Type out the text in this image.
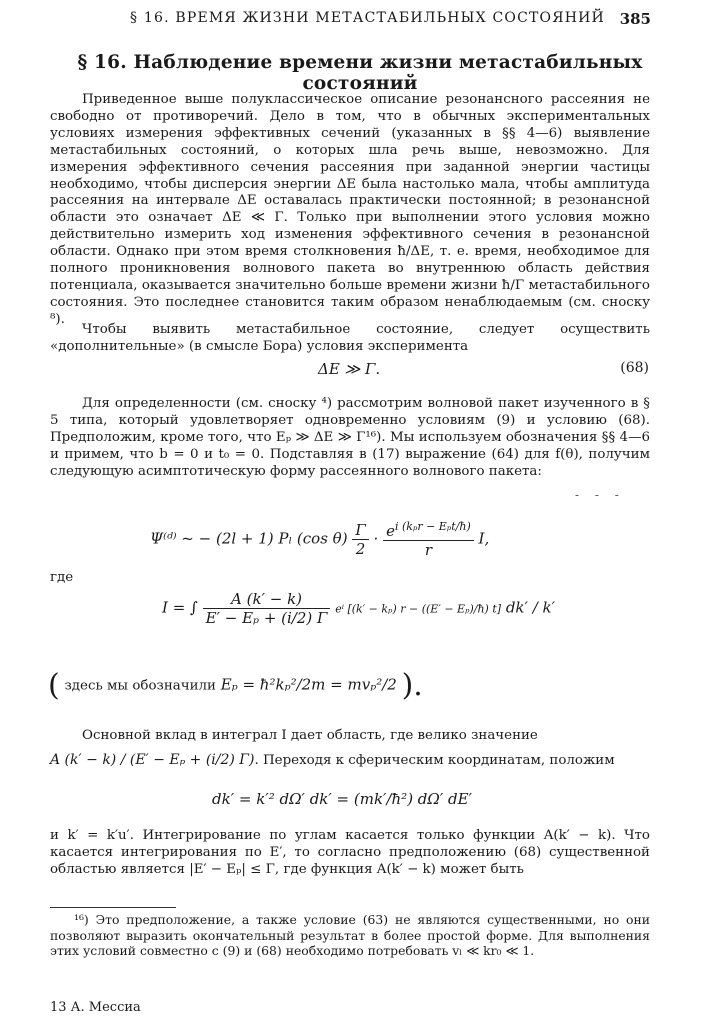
§ 16. ВРЕМЯ ЖИЗНИ МЕТАСТАБИЛЬНЫХ СОСТОЯНИЙ 385
§ 16. Наблюдение времени жизни метастабильных состояний

Приведенное выше полуклассическое описание резонансного рассеяния не свободно от противоречий. Дело в том, что в обычных экспериментальных условиях измерения эффективных сечений (указанных в §§ 4—6) выявление метастабильных состояний, о которых шла речь выше, невозможно. Для измерения эффективного сечения рассеяния при заданной энергии частицы необходимо, чтобы дисперсия энергии ΔE была настолько мала, чтобы амплитуда рассеяния на интервале ΔE оставалась практически постоянной; в резонансной области это означает ΔE ≪ Γ. Только при выполнении этого условия можно действительно измерить ход изменения эффективного сечения в резонансной области. Однако при этом время столкновения ħ/ΔE, т. е. время, необходимое для полного проникновения волнового пакета во внутреннюю область действия потенциала, оказывается значительно больше времени жизни ħ/Γ метастабильного состояния. Это последнее становится таким образом ненаблюдаемым (см. сноску ⁸).

Чтобы выявить метастабильное состояние, следует осуществить «дополнительные» (в смысле Бора) условия эксперимента

ΔE ≫ Γ.	(68)

Для определенности (см. сноску ⁴) рассмотрим волновой пакет изученного в § 5 типа, который удовлетворяет одновременно условиям (9) и условию (68). Предположим, кроме того, что Eₚ ≫ ΔE ≫ Γ¹⁶). Мы используем обозначения §§ 4—6 и примем, что b = 0 и t₀ = 0. Подставляя в (17) выражение (64) для f(θ), получим следующую асимптотическую форму рассеянного волнового пакета:

- - -
Ψ⁽ᵈ⁾ ~ − (2l + 1) Pₗ (cos $\theta) \frac{\Gamma}{2} \cdot \frac{e^{i (k_pr - E_pt/ħ)}}{r} I$,
где
I = ∫ $\frac{A (k' - k)}{\text{E′ − Eₚ + (i/2) Γ}}$ eⁱ [(k′ − kₚ) r − ((E′ − Eₚ)/ħ) t] dk′ / k′
( здесь мы обозначили Eₚ = ħ²kₚ²/2m = mvₚ²/2 ).

Основной вклад в интеграл I дает область, где велико значение

A (k′ − k) / (E′ − Eₚ + (i/2) Γ). Переходя к сферическим координатам, положим
dk′ = k′² dΩ′ dk′ = (mk′/ħ²) dΩ′ dE′

и k′ = k′u′. Интегрирование по углам касается только функции A(k′ − k). Что касается интегрирования по E′, то согласно предположению (68) существенной областью является |E′ − Eₚ| ≤ Γ, где функция A(k′ − k) может быть

¹⁶) Это предположение, а также условие (63) не являются существенными, но они позволяют выразить окончательный результат в более простой форме. Для выполнения этих условий совместно с (9) и (68) необходимо потребовать vₗ ≪ kr₀ ≪ 1.

13 А. Мессиа
